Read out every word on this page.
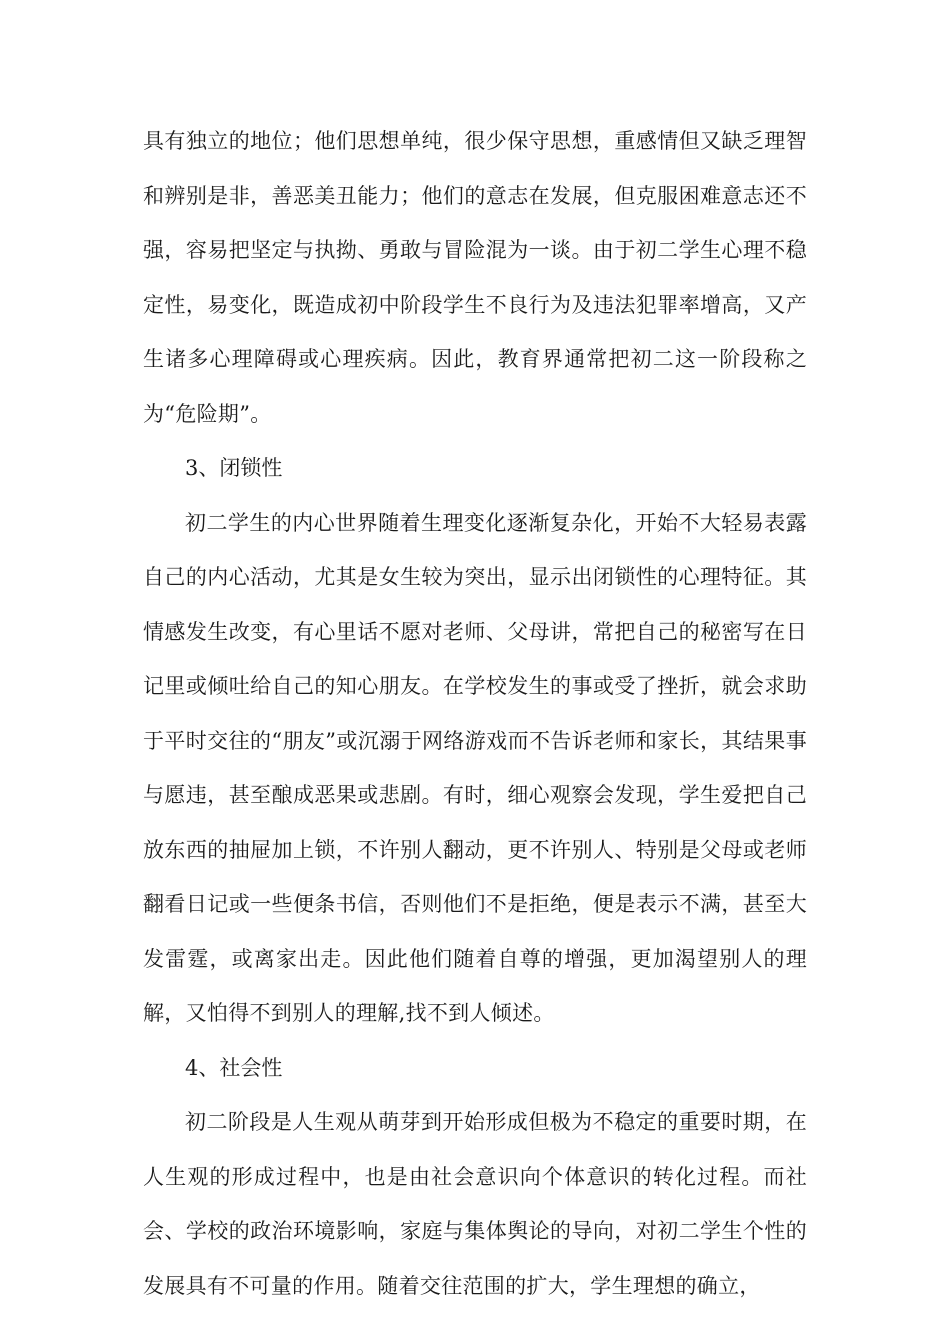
具有独立的地位；他们思想单纯，很少保守思想，重感情但又缺乏理智和辨别是非，善恶美丑能力；他们的意志在发展，但克服困难意志还不强，容易把坚定与执拗、勇敢与冒险混为一谈。由于初二学生心理不稳定性，易变化，既造成初中阶段学生不良行为及违法犯罪率增高，又产生诸多心理障碍或心理疾病。因此，教育界通常把初二这一阶段称之为“危险期”。

3、闭锁性

初二学生的内心世界随着生理变化逐渐复杂化，开始不大轻易表露自己的内心活动，尤其是女生较为突出，显示出闭锁性的心理特征。其情感发生改变，有心里话不愿对老师、父母讲，常把自己的秘密写在日记里或倾吐给自己的知心朋友。在学校发生的事或受了挫折，就会求助于平时交往的“朋友”或沉溺于网络游戏而不告诉老师和家长，其结果事与愿违，甚至酿成恶果或悲剧。有时，细心观察会发现，学生爱把自己放东西的抽屉加上锁，不许别人翻动，更不许别人、特别是父母或老师翻看日记或一些便条书信，否则他们不是拒绝，便是表示不满，甚至大发雷霆，或离家出走。因此他们随着自尊的增强，更加渴望别人的理解，又怕得不到别人的理解,找不到人倾述。

4、社会性

初二阶段是人生观从萌芽到开始形成但极为不稳定的重要时期，在人生观的形成过程中，也是由社会意识向个体意识的转化过程。而社会、学校的政治环境影响，家庭与集体舆论的导向，对初二学生个性的发展具有不可量的作用。随着交往范围的扩大，学生理想的确立，
